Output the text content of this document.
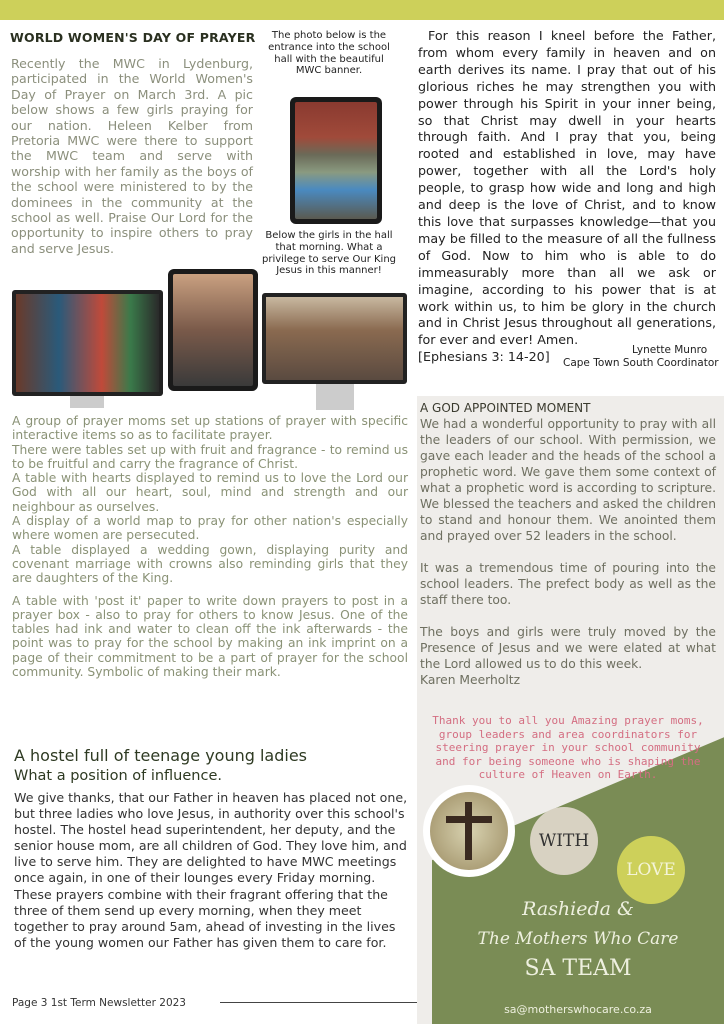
WORLD WOMEN'S DAY OF PRAYER
Recently the MWC in Lydenburg, participated in the World Women's Day of Prayer on March 3rd. A pic below shows a few girls praying for our nation. Heleen Kelber from Pretoria MWC were there to support the MWC team and serve with worship with her family as the boys of the school were ministered to by the dominees in the community at the school as well. Praise Our Lord for the opportunity to inspire others to pray and serve Jesus.
The photo below is the entrance into the school hall with the beautiful MWC banner.
Below the girls in the hall that morning. What a privilege to serve Our King Jesus in this manner!
For this reason I kneel before the Father, from whom every family in heaven and on earth derives its name. I pray that out of his glorious riches he may strengthen you with power through his Spirit in your inner being, so that Christ may dwell in your hearts through faith. And I pray that you, being rooted and established in love, may have power, together with all the Lord's holy people, to grasp how wide and long and high and deep is the love of Christ, and to know this love that surpasses knowledge—that you may be filled to the measure of all the fullness of God. Now to him who is able to do immeasurably more than all we ask or imagine, according to his power that is at work within us, to him be glory in the church and in Christ Jesus throughout all generations, for ever and ever! Amen.
[Ephesians 3: 14-20]	Lynette Munro
Cape Town South Coordinator

A group of prayer moms set up stations of prayer with specific interactive items so as to facilitate prayer.

There were tables set up with fruit and fragrance - to remind us to be fruitful and carry the fragrance of Christ.

A table with hearts displayed to remind us to love the Lord our God with all our heart, soul, mind and strength and our neighbour as ourselves.

A display of a world map to pray for other nation's especially where women are persecuted.

A table displayed a wedding gown, displaying purity and covenant marriage with crowns also reminding girls that they are daughters of the King.

A table with 'post it' paper to write down prayers to post in a prayer box - also to pray for others to know Jesus. One of the tables had ink and water to clean off the ink afterwards - the point was to pray for the school by making an ink imprint on a page of their commitment to be a part of prayer for the school community. Symbolic of making their mark.

A hostel full of teenage young ladies
What a position of influence.
We give thanks, that our Father in heaven has placed not one, but three ladies who love Jesus, in authority over this school's hostel. The hostel head superintendent, her deputy, and the senior house mom, are all children of God. They love him, and live to serve him. They are delighted to have MWC meetings once again, in one of their lounges every Friday morning. These prayers combine with their fragrant offering that the three of them send up every morning, when they meet together to pray around 5am, ahead of investing in the lives of the young women our Father has given them to care for.
Page 3 1st Term Newsletter 2023
A GOD APPOINTED MOMENT

We had a wonderful opportunity to pray with all the leaders of our school. With permission, we gave each leader and the heads of the school a prophetic word. We gave them some context of what a prophetic word is according to scripture. We blessed the teachers and asked the children to stand and honour them. We anointed them and prayed over 52 leaders in the school.

It was a tremendous time of pouring into the school leaders. The prefect body as well as the staff there too.

The boys and girls were truly moved by the Presence of Jesus and we were elated at what the Lord allowed us to do this week.

Karen Meerholtz
Thank you to all you Amazing prayer moms, group leaders and area coordinators for steering prayer in your school community and for being someone who is shaping the culture of Heaven on Earth.
WITH
LOVE
Rashieda &
The Mothers Who Care
SA TEAM
sa@motherswhocare.co.za
